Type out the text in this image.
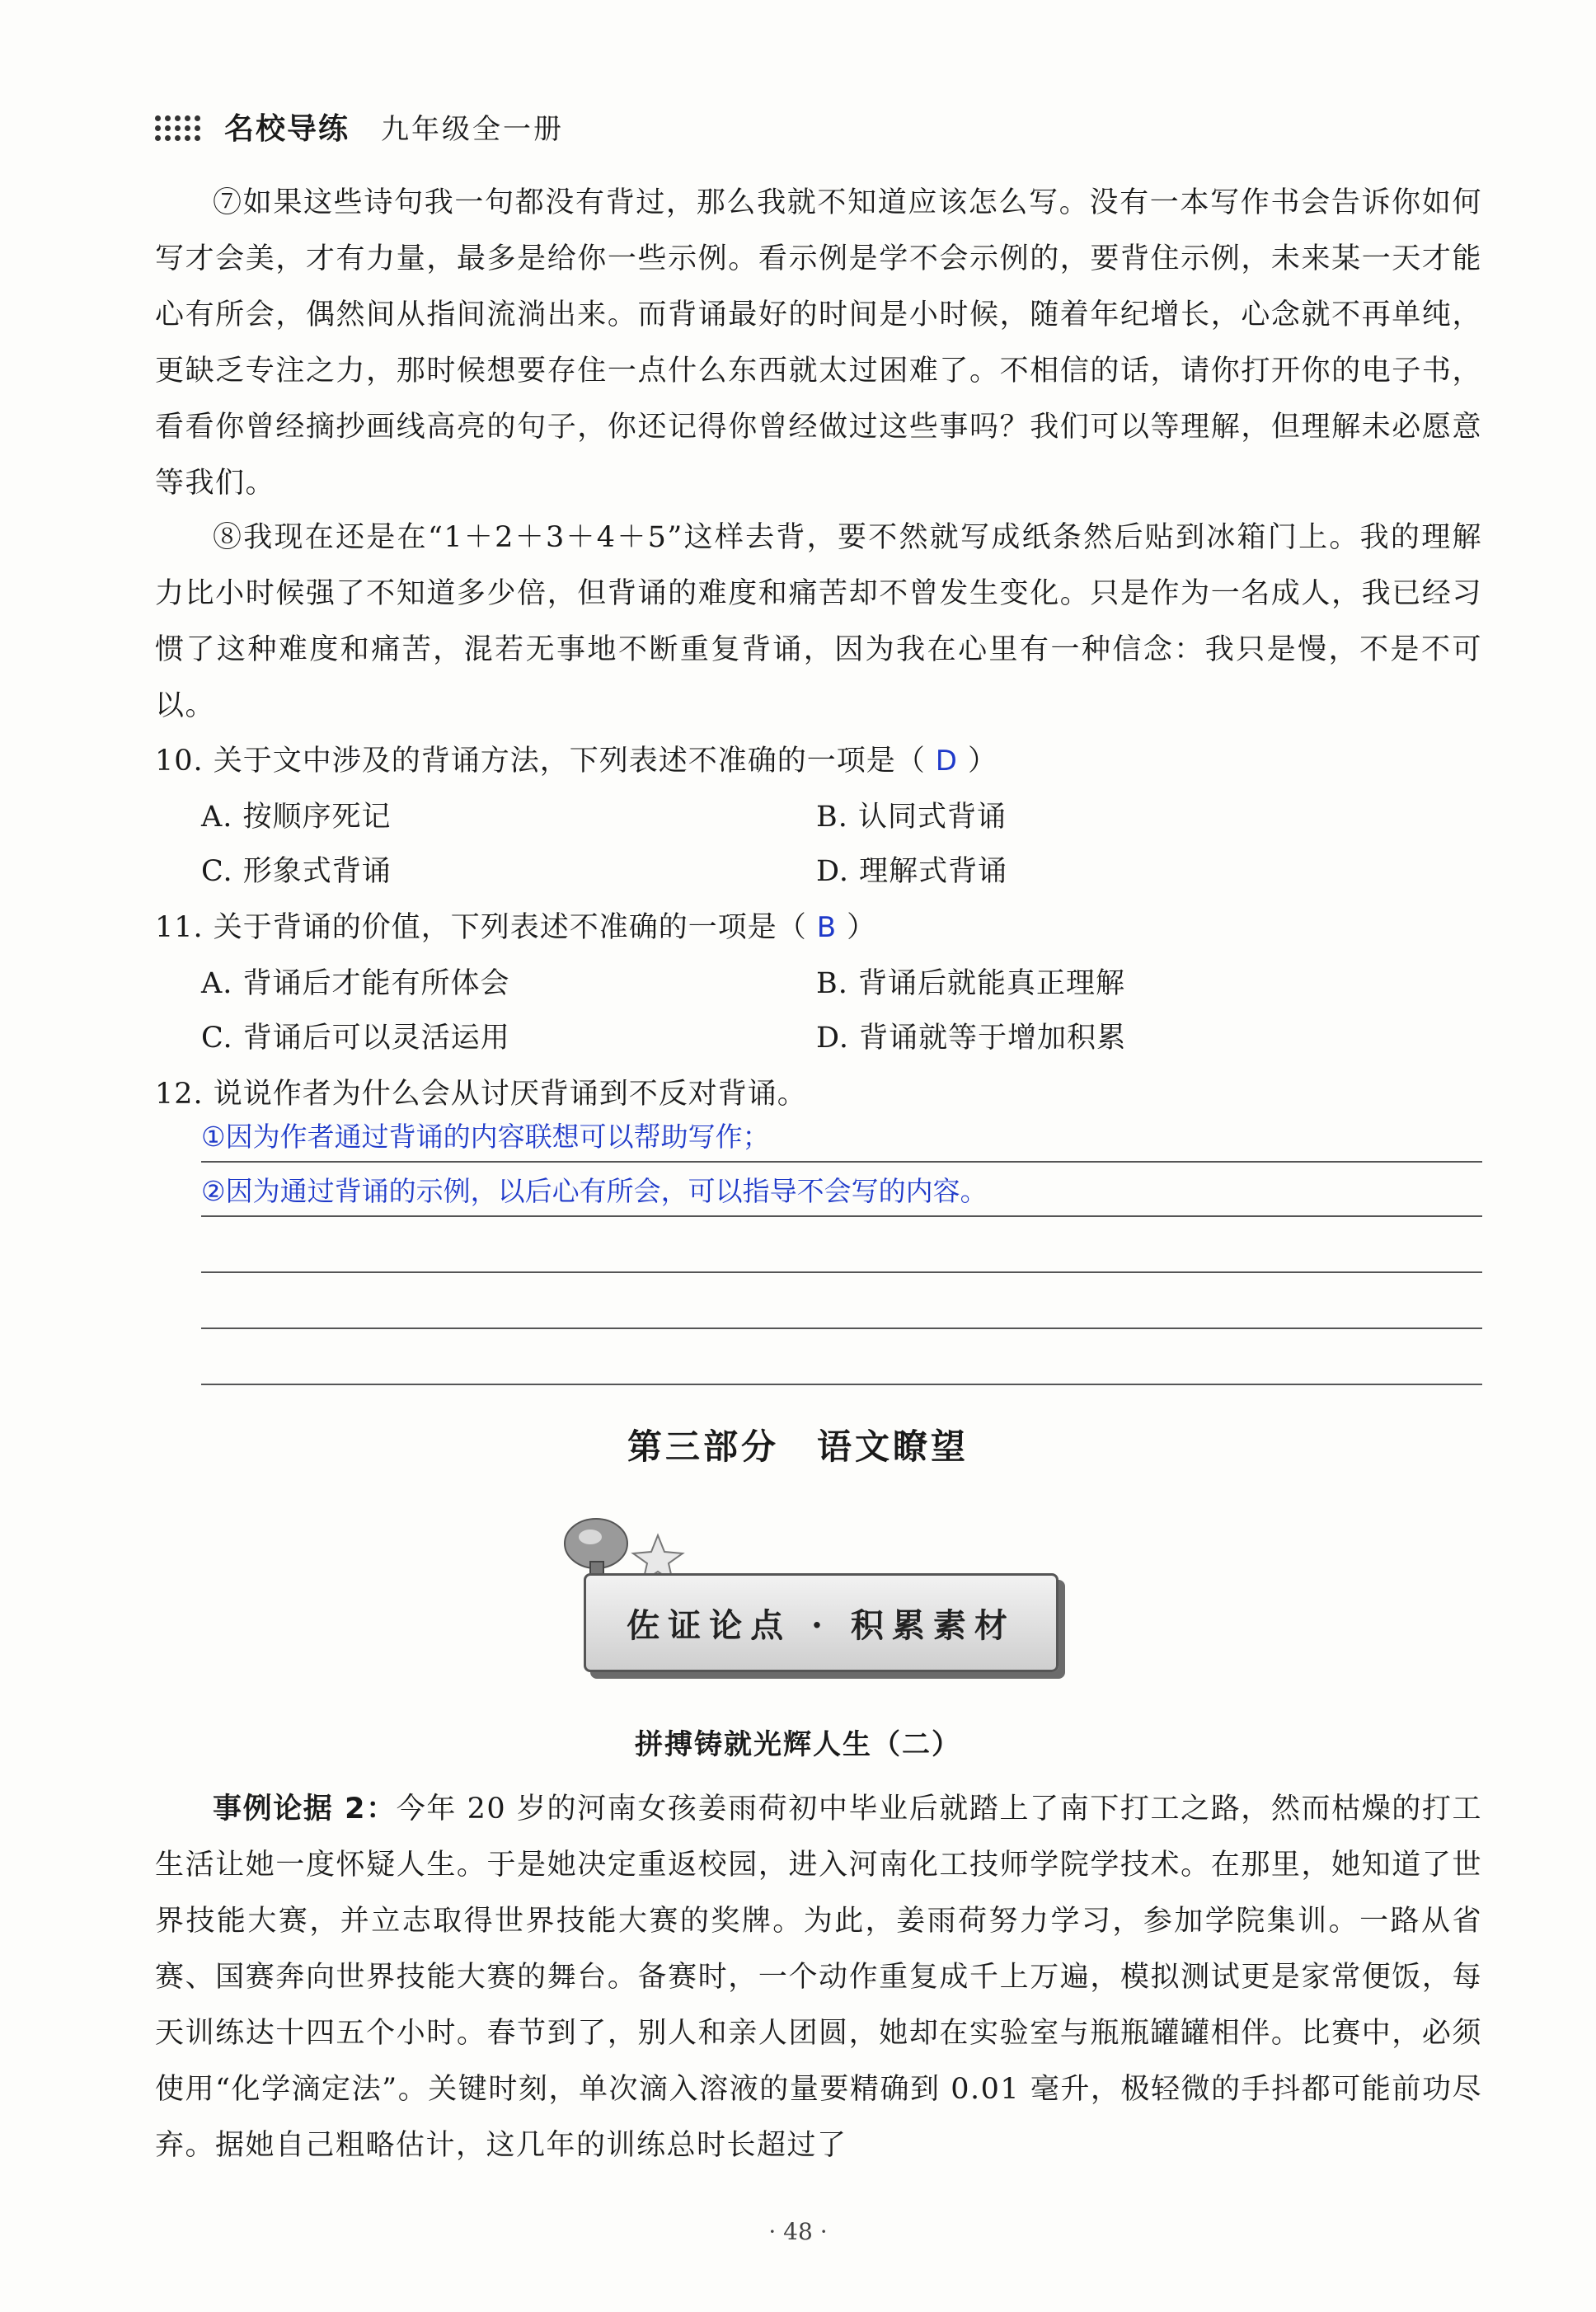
名校导练 九年级全一册
⑦如果这些诗句我一句都没有背过，那么我就不知道应该怎么写。没有一本写作书会告诉你如何写才会美，才有力量，最多是给你一些示例。看示例是学不会示例的，要背住示例，未来某一天才能心有所会，偶然间从指间流淌出来。而背诵最好的时间是小时候，随着年纪增长，心念就不再单纯，更缺乏专注之力，那时候想要存住一点什么东西就太过困难了。不相信的话，请你打开你的电子书，看看你曾经摘抄画线高亮的句子，你还记得你曾经做过这些事吗？我们可以等理解，但理解未必愿意等我们。
⑧我现在还是在“1＋2＋3＋4＋5”这样去背，要不然就写成纸条然后贴到冰箱门上。我的理解力比小时候强了不知道多少倍，但背诵的难度和痛苦却不曾发生变化。只是作为一名成人，我已经习惯了这种难度和痛苦，混若无事地不断重复背诵，因为我在心里有一种信念：我只是慢，不是不可以。
10. 关于文中涉及的背诵方法，下列表述不准确的一项是（ D ）
A. 按顺序死记	B. 认同式背诵
C. 形象式背诵	D. 理解式背诵
11. 关于背诵的价值，下列表述不准确的一项是（ B ）
A. 背诵后才能有所体会	B. 背诵后就能真正理解
C. 背诵后可以灵活运用	D. 背诵就等于增加积累
12. 说说作者为什么会从讨厌背诵到不反对背诵。
①因为作者通过背诵的内容联想可以帮助写作；
②因为通过背诵的示例，以后心有所会，可以指导不会写的内容。
第三部分　语文瞭望
佐证论点 · 积累素材
拼搏铸就光辉人生（二）
事例论据 2：今年 20 岁的河南女孩姜雨荷初中毕业后就踏上了南下打工之路，然而枯燥的打工生活让她一度怀疑人生。于是她决定重返校园，进入河南化工技师学院学技术。在那里，她知道了世界技能大赛，并立志取得世界技能大赛的奖牌。为此，姜雨荷努力学习，参加学院集训。一路从省赛、国赛奔向世界技能大赛的舞台。备赛时，一个动作重复成千上万遍，模拟测试更是家常便饭，每天训练达十四五个小时。春节到了，别人和亲人团圆，她却在实验室与瓶瓶罐罐相伴。比赛中，必须使用“化学滴定法”。关键时刻，单次滴入溶液的量要精确到 0.01 毫升，极轻微的手抖都可能前功尽弃。据她自己粗略估计，这几年的训练总时长超过了
· 48 ·
